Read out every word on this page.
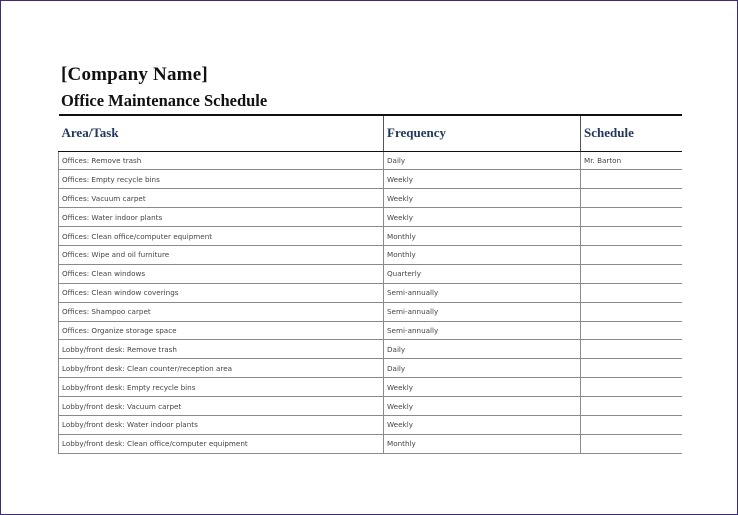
[Company Name]
Office Maintenance Schedule
Area/Task	Frequency	Schedule
Offices: Remove trash	Daily	Mr. Barton
Offices: Empty recycle bins	Weekly	
Offices: Vacuum carpet	Weekly	
Offices: Water indoor plants	Weekly	
Offices: Clean office/computer equipment	Monthly	
Offices: Wipe and oil furniture	Monthly	
Offices: Clean windows	Quarterly	
Offices: Clean window coverings	Semi-annually	
Offices: Shampoo carpet	Semi-annually	
Offices: Organize storage space	Semi-annually	
Lobby/front desk: Remove trash	Daily	
Lobby/front desk: Clean counter/reception area	Daily	
Lobby/front desk: Empty recycle bins	Weekly	
Lobby/front desk: Vacuum carpet	Weekly	
Lobby/front desk: Water indoor plants	Weekly	
Lobby/front desk: Clean office/computer equipment	Monthly	
